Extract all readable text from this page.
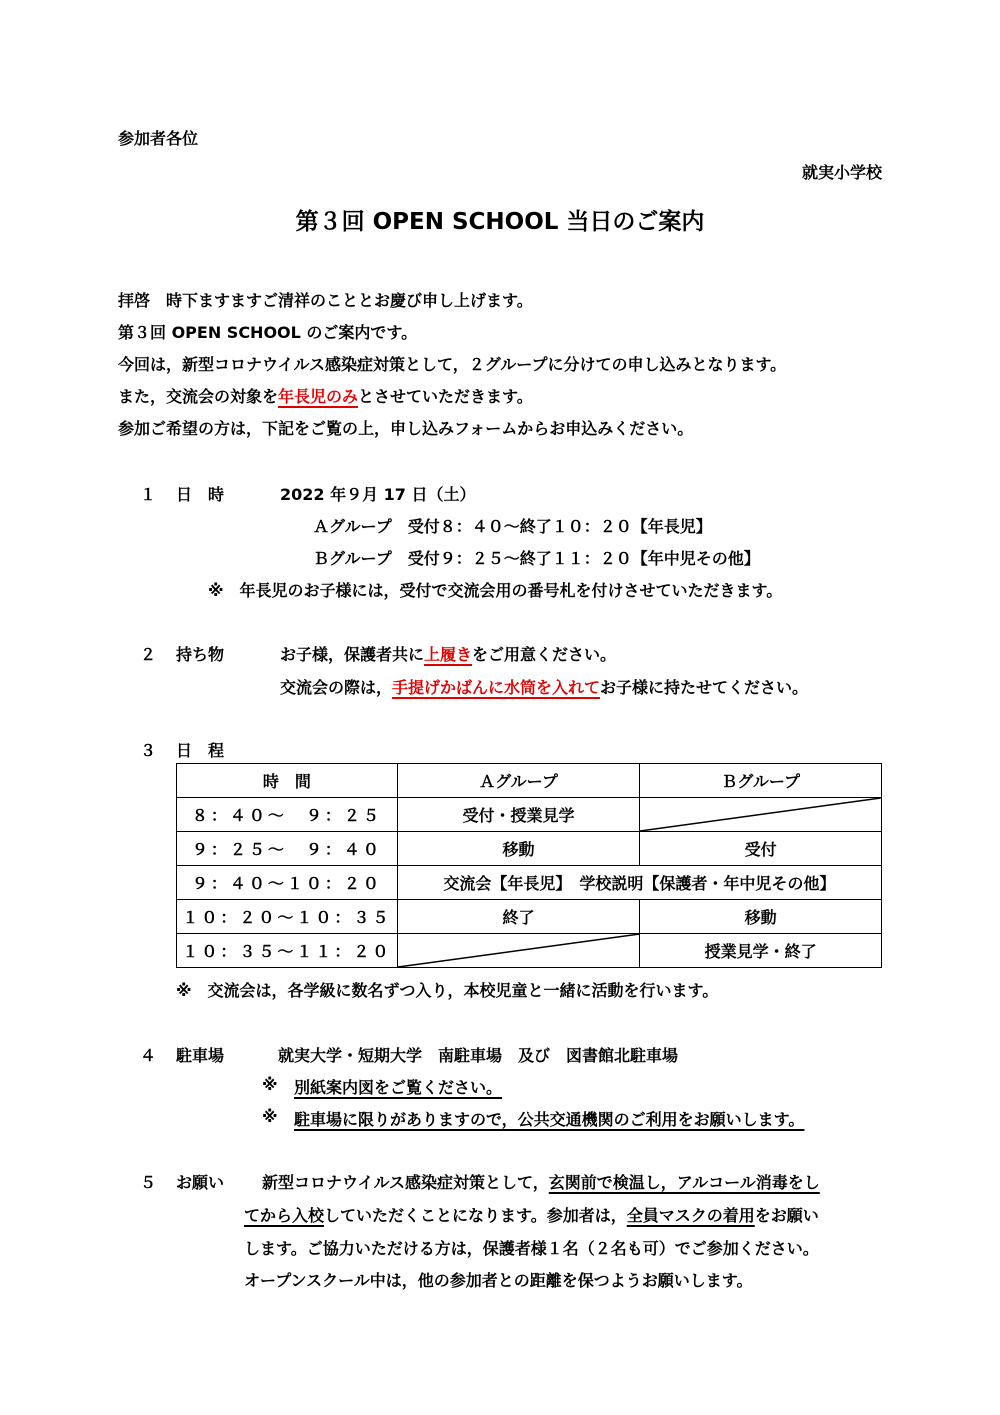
参加者各位
就実小学校
第３回 OPEN SCHOOL 当日のご案内
拝啓　時下ますますご清祥のこととお慶び申し上げます。
第３回 OPEN SCHOOL のご案内です。
今回は，新型コロナウイルス感染症対策として，２グループに分けての申し込みとなります。
また，交流会の対象を年長児のみとさせていただきます。
参加ご希望の方は，下記をご覧の上，申し込みフォームからお申込みください。
１ 日　時	2022 年９月 17 日（土）
Ａグループ　受付８：４０～終了１０：２０【年長児】
Ｂグループ　受付９：２５～終了１１：２０【年中児その他】
※　年長児のお子様には，受付で交流会用の番号札を付けさせていただきます。
２ 持ち物	お子様，保護者共に上履きをご用意ください。
交流会の際は，手提げかばんに水筒を入れてお子様に持たせてください。
３ 日　程
時　間	Ａグループ	Ｂグループ
８：４０～　９：２５	受付・授業見学	

９：２５～　９：４０	移動	受付
９：４０～１０：２０	交流会【年長児】　学校説明【保護者・年中児その他】	
１０：２０～１０：３５	終了	移動
１０：３５～１１：２０		授業見学・終了
※　交流会は，各学級に数名ずつ入り，本校児童と一緒に活動を行います。
４ 駐車場	就実大学・短期大学　南駐車場　及び　図書館北駐車場
※ 別紙案内図をご覧ください。
※ 駐車場に限りがありますので，公共交通機関のご利用をお願いします。
５ お願い 新型コロナウイルス感染症対策として，玄関前で検温し，アルコール消毒をし
てから入校していただくことになります。参加者は，全員マスクの着用をお願い
します。ご協力いただける方は，保護者様１名（２名も可）でご参加ください。
オープンスクール中は，他の参加者との距離を保つようお願いします。
